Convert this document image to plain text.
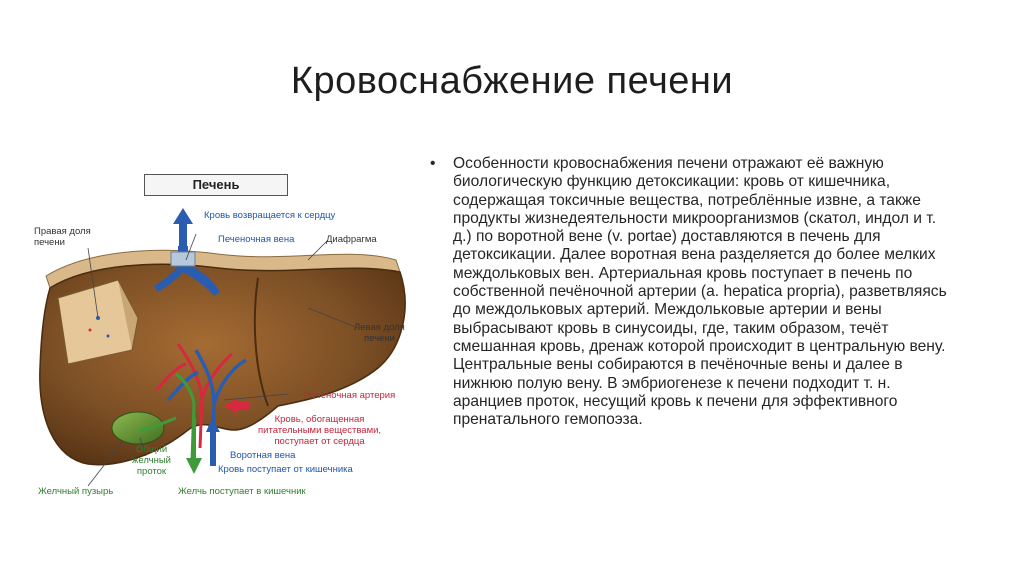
Кровоснабжение печени
• Особенности кровоснабжения печени отражают её важную биологическую функцию детоксикации: кровь от кишечника, содержащая токсичные вещества, потреблённые извне, а также продукты жизнедеятельности микроорганизмов (скатол, индол и т. д.) по воротной вене (v. portae) доставляются в печень для детоксикации. Далее воротная вена разделяется до более мелких междольковых вен. Артериальная кровь поступает в печень по собственной печёночной артерии (a. hepatica propria), разветвляясь до междольковых артерий. Междольковые артерии и вены выбрасывают кровь в синусоиды, где, таким образом, течёт смешанная кровь, дренаж которой происходит в центральную вену. Центральные вены собираются в печёночные вены и далее в нижнюю полую вену. В эмбриогенезе к печени подходит т. н. аранциев проток, несущий кровь к печени для эффективного пренатального гемопоэза.

Печень
Кровь возвращается к сердцу
Печеночная вена	Диафрагма
Правая доля
печени
Левая доля
печени
Печеночная артерия
Кровь, обогащенная
питательными веществами,
поступает от сердца
Воротная вена
Кровь поступает от кишечника
Общий
желчный
проток
Желчный пузырь	Желчь поступает в кишечник
